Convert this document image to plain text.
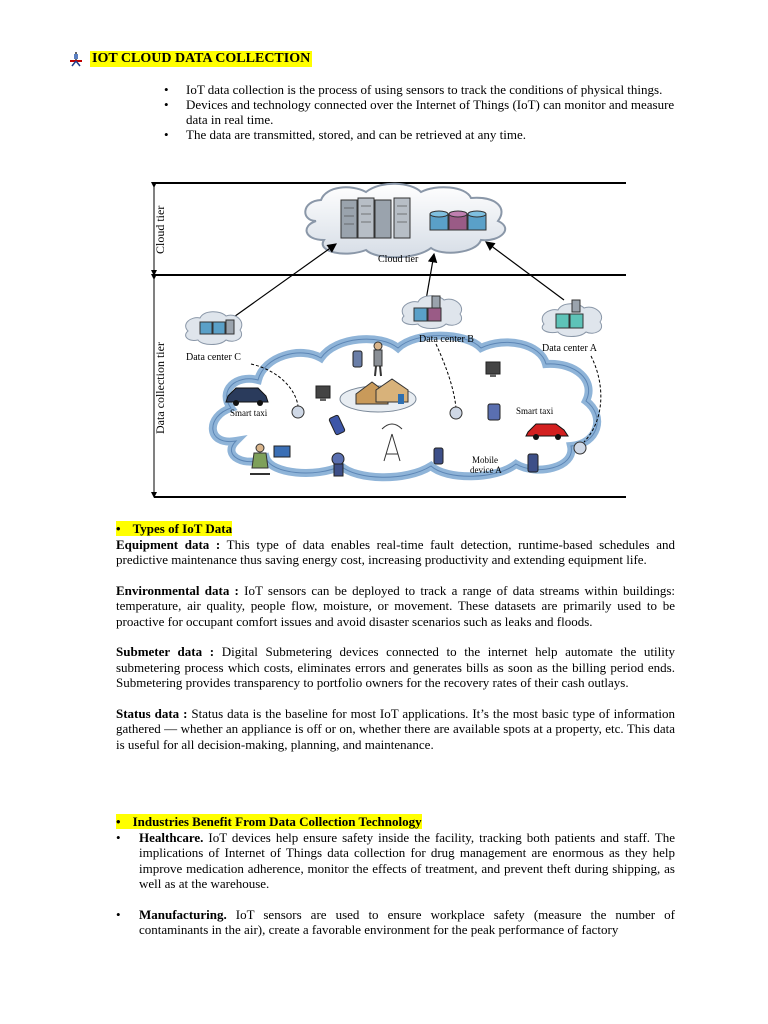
IOT CLOUD DATA COLLECTION
• IoT data collection is the process of using sensors to track the conditions of physical things.
• Devices and technology connected over the Internet of Things (IoT) can monitor and measure data in real time.
• The data are transmitted, stored, and can be retrieved at any time.
Cloud tier
Data collection tier
Cloud tier
Data center C
Data center B
Data center A
Smart taxi	Smart taxi
Mobile device A

• Types of IoT Data

Equipment data : This type of data enables real-time fault detection, runtime-based schedules and predictive maintenance thus saving energy cost, increasing productivity and extending equipment life.

Environmental data : IoT sensors can be deployed to track a range of data streams within buildings: temperature, air quality, people flow, moisture, or movement. These datasets are primarily used to be proactive for occupant comfort issues and avoid disaster scenarios such as leaks and floods.

Submeter data : Digital Submetering devices connected to the internet help automate the utility submetering process which costs, eliminates errors and generates bills as soon as the billing period ends. Submetering provides transparency to portfolio owners for the recovery rates of their cash outlays.

Status data : Status data is the baseline for most IoT applications. It’s the most basic type of information gathered — whether an appliance is off or on, whether there are available spots at a property, etc. This data is useful for all decision-making, planning, and maintenance.

• Industries Benefit From Data Collection Technology

• Healthcare. IoT devices help ensure safety inside the facility, tracking both patients and staff. The implications of Internet of Things data collection for drug management are enormous as they help improve medication adherence, monitor the effects of treatment, and prevent theft during shipping, as well as at the warehouse.
• Manufacturing. IoT sensors are used to ensure workplace safety (measure the number of contaminants in the air), create a favorable environment for the peak performance of factory
